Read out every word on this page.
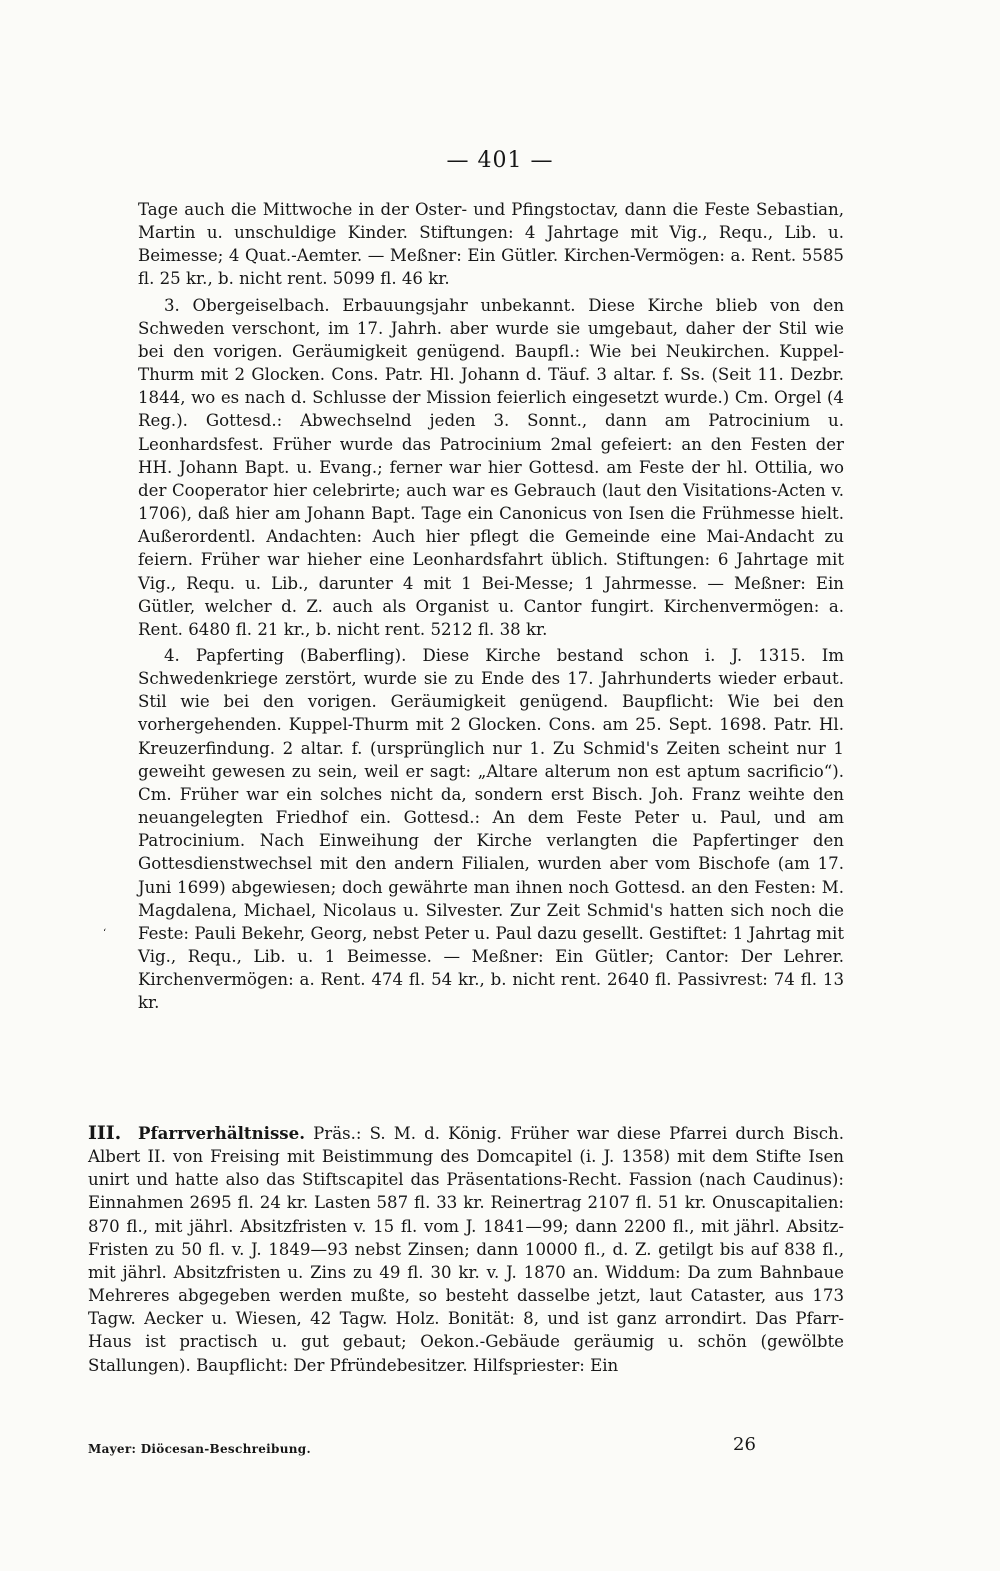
— 401 —

Tage auch die Mittwoche in der Oster- und Pfingstoctav, dann die Feste Sebastian, Martin u. unschuldige Kinder. Stiftungen: 4 Jahrtage mit Vig., Requ., Lib. u. Beimesse; 4 Quat.-Aemter. — Meßner: Ein Gütler. Kirchen-Vermögen: a. Rent. 5585 fl. 25 kr., b. nicht rent. 5099 fl. 46 kr.

3. Obergeiselbach. Erbauungsjahr unbekannt. Diese Kirche blieb von den Schweden verschont, im 17. Jahrh. aber wurde sie umgebaut, daher der Stil wie bei den vorigen. Geräumigkeit genügend. Baupfl.: Wie bei Neukirchen. Kuppel-Thurm mit 2 Glocken. Cons. Patr. Hl. Johann d. Täuf. 3 altar. f. Ss. (Seit 11. Dezbr. 1844, wo es nach d. Schlusse der Mission feierlich eingesetzt wurde.) Cm. Orgel (4 Reg.). Gottesd.: Abwechselnd jeden 3. Sonnt., dann am Patrocinium u. Leonhardsfest. Früher wurde das Patrocinium 2mal gefeiert: an den Festen der HH. Johann Bapt. u. Evang.; ferner war hier Gottesd. am Feste der hl. Ottilia, wo der Cooperator hier celebrirte; auch war es Gebrauch (laut den Visitations-Acten v. 1706), daß hier am Johann Bapt. Tage ein Canonicus von Isen die Frühmesse hielt. Außerordentl. Andachten: Auch hier pflegt die Gemeinde eine Mai-Andacht zu feiern. Früher war hieher eine Leonhardsfahrt üblich. Stiftungen: 6 Jahrtage mit Vig., Requ. u. Lib., darunter 4 mit 1 Bei-Messe; 1 Jahrmesse. — Meßner: Ein Gütler, welcher d. Z. auch als Organist u. Cantor fungirt. Kirchenvermögen: a. Rent. 6480 fl. 21 kr., b. nicht rent. 5212 fl. 38 kr.

4. Papferting (Baberfling). Diese Kirche bestand schon i. J. 1315. Im Schwedenkriege zerstört, wurde sie zu Ende des 17. Jahrhunderts wieder erbaut. Stil wie bei den vorigen. Geräumigkeit genügend. Baupflicht: Wie bei den vorhergehenden. Kuppel-Thurm mit 2 Glocken. Cons. am 25. Sept. 1698. Patr. Hl. Kreuzerfindung. 2 altar. f. (ursprünglich nur 1. Zu Schmid's Zeiten scheint nur 1 geweiht gewesen zu sein, weil er sagt: „Altare alterum non est aptum sacrificio“). Cm. Früher war ein solches nicht da, sondern erst Bisch. Joh. Franz weihte den neuangelegten Friedhof ein. Gottesd.: An dem Feste Peter u. Paul, und am Patrocinium. Nach Einweihung der Kirche verlangten die Papfertinger den Gottesdienstwechsel mit den andern Filialen, wurden aber vom Bischofe (am 17. Juni 1699) abgewiesen; doch gewährte man ihnen noch Gottesd. an den Festen: M. Magdalena, Michael, Nicolaus u. Silvester. Zur Zeit Schmid's hatten sich noch die Feste: Pauli Bekehr, Georg, nebst Peter u. Paul dazu gesellt. Gestiftet: 1 Jahrtag mit Vig., Requ., Lib. u. 1 Beimesse. — Meßner: Ein Gütler; Cantor: Der Lehrer. Kirchenvermögen: a. Rent. 474 fl. 54 kr., b. nicht rent. 2640 fl. Passivrest: 74 fl. 13 kr.

‘
III. Pfarrverhältnisse. Präs.: S. M. d. König. Früher war diese Pfarrei durch Bisch. Albert II. von Freising mit Beistimmung des Domcapitel (i. J. 1358) mit dem Stifte Isen unirt und hatte also das Stiftscapitel das Präsentations-Recht. Fassion (nach Caudinus): Einnahmen 2695 fl. 24 kr. Lasten 587 fl. 33 kr. Reinertrag 2107 fl. 51 kr. Onuscapitalien: 870 fl., mit jährl. Absitzfristen v. 15 fl. vom J. 1841—99; dann 2200 fl., mit jährl. Absitz-Fristen zu 50 fl. v. J. 1849—93 nebst Zinsen; dann 10000 fl., d. Z. getilgt bis auf 838 fl., mit jährl. Absitzfristen u. Zins zu 49 fl. 30 kr. v. J. 1870 an. Widdum: Da zum Bahnbaue Mehreres abgegeben werden mußte, so besteht dasselbe jetzt, laut Cataster, aus 173 Tagw. Aecker u. Wiesen, 42 Tagw. Holz. Bonität: 8, und ist ganz arrondirt. Das Pfarr-Haus ist practisch u. gut gebaut; Oekon.-Gebäude geräumig u. schön (gewölbte Stallungen). Baupflicht: Der Pfründebesitzer. Hilfspriester: Ein
Mayer: Diöcesan-Beschreibung.	26
